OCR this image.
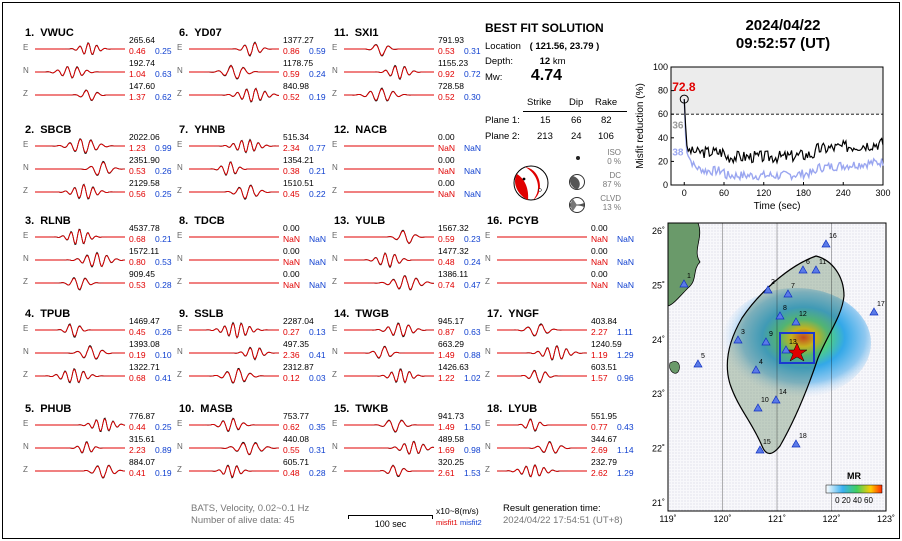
1. VWUC
E
265.64
0.46 0.25
N
192.74
1.04 0.63
Z
147.60
1.37 0.62
2. SBCB
E
2022.06
1.23 0.99
N
2351.90
0.53 0.26
Z
2129.58
0.56 0.25
3. RLNB
E
4537.78
0.68 0.21
N
1572.11
0.80 0.53
Z
909.45
0.53 0.28
4. TPUB
E
1469.47
0.45 0.26
N
1393.08
0.19 0.10
Z
1322.71
0.68 0.41
5. PHUB
E
776.87
0.44 0.25
N
315.61
2.23 0.89
Z
884.07
0.41 0.19
6. YD07
E
1377.27
0.86 0.59
N
1178.75
0.59 0.24
Z
840.98
0.52 0.19
7. YHNB
E
515.34
2.34 0.77
N
1354.21
0.38 0.21
Z
1510.51
0.45 0.22
8. TDCB
E
0.00
NaN NaN
N
0.00
NaN NaN
Z
0.00
NaN NaN
9. SSLB
E
2287.04
0.27 0.13
N
497.35
2.36 0.41
Z
2312.87
0.12 0.03
10. MASB
E
753.77
0.62 0.35
N
440.08
0.55 0.31
Z
605.71
0.48 0.28
11. SXI1
E
791.93
0.53 0.31
N
1155.23
0.92 0.72
Z
728.58
0.52 0.30
12. NACB
E
0.00
NaN NaN
N
0.00
NaN NaN
Z
0.00
NaN NaN
13. YULB
E
1567.32
0.59 0.23
N
1477.32
0.48 0.24
Z
1386.11
0.74 0.47
14. TWGB
E
945.17
0.87 0.63
N
663.29
1.49 0.88
Z
1426.63
1.22 1.02
15. TWKB
E
941.73
1.49 1.50
N
489.58
1.69 0.98
Z
320.25
2.61 1.53
16. PCYB
E
0.00
NaN NaN
N
0.00
NaN NaN
Z
0.00
NaN NaN
17. YNGF
E
403.84
2.27 1.11
N
1240.59
1.19 1.29
Z
603.51
1.57 0.96
18. LYUB
E
551.95
0.77 0.43
N
344.67
2.69 1.14
Z
232.79
2.62 1.29
BEST FIT SOLUTION
Location ( 121.56, 23.79 )
Depth:	12 km
Mw: 4.74
Strike Dip Rake
Plane 1: 15 66 82
Plane 2: 213 24 106
ISO
0 %
DC
87 %
CLVD
13 %
2024/04/22
09:52:57 (UT)
0	60	120	180	240	300
0
20
40
60
80
100
Time (sec)
Misfit reduction (%) 72.8
36
38
1
2
3
4
5
6
7
8
9
10
11
12
13
14
15
16
17
18
26˚
25˚
24˚
23˚
22˚
21˚
119˚	120˚	121˚	122˚	123˚
MR
0 20 40 60
BATS, Velocity, 0.02~0.1 Hz
Number of alive data: 45	100 sec
x10~8(m/s)
misfit1 misfit2
Result generation time:
2024/04/22 17:54:51 (UT+8)
